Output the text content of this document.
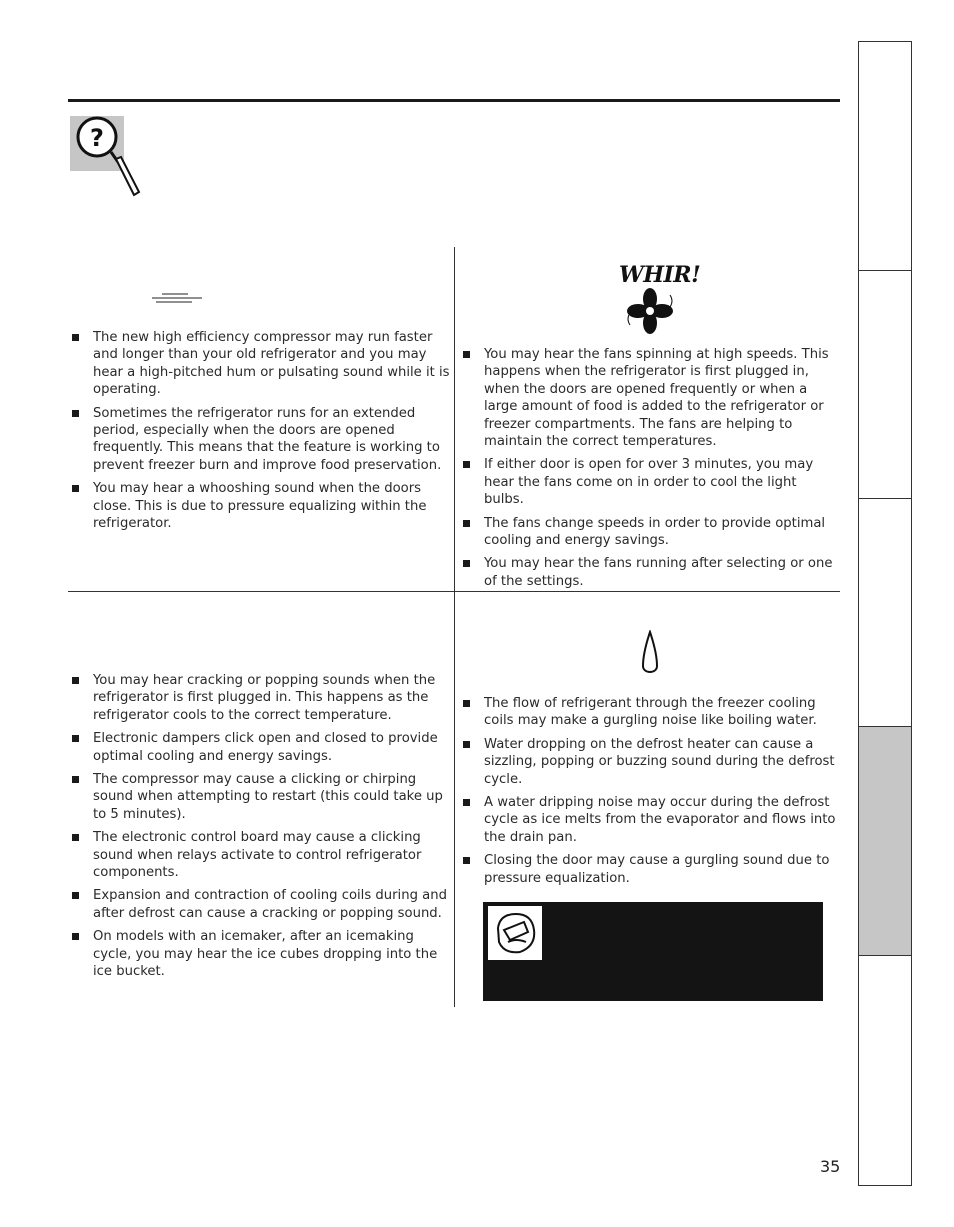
?
The new high efficiency compressor may run faster and longer than your old refrigerator and you may hear a high-pitched hum or pulsating sound while it is operating.
Sometimes the refrigerator runs for an extended period, especially when the doors are opened frequently. This means that the feature is working to prevent freezer burn and improve food preservation.
You may hear a whooshing sound when the doors close. This is due to pressure equalizing within the refrigerator.
WHIR!
You may hear the fans spinning at high speeds. This happens when the refrigerator is first plugged in, when the doors are opened frequently or when a large amount of food is added to the refrigerator or freezer compartments. The fans are helping to maintain the correct temperatures.
If either door is open for over 3 minutes, you may hear the fans come on in order to cool the light bulbs.
The fans change speeds in order to provide optimal cooling and energy savings.
You may hear the fans running after selecting or one of the settings.
You may hear cracking or popping sounds when the refrigerator is first plugged in. This happens as the refrigerator cools to the correct temperature.
Electronic dampers click open and closed to provide optimal cooling and energy savings.
The compressor may cause a clicking or chirping sound when attempting to restart (this could take up to 5 minutes).
The electronic control board may cause a clicking sound when relays activate to control refrigerator components.
Expansion and contraction of cooling coils during and after defrost can cause a cracking or popping sound.
On models with an icemaker, after an icemaking cycle, you may hear the ice cubes dropping into the ice bucket.
The flow of refrigerant through the freezer cooling coils may make a gurgling noise like boiling water.
Water dropping on the defrost heater can cause a sizzling, popping or buzzing sound during the defrost cycle.
A water dripping noise may occur during the defrost cycle as ice melts from the evaporator and flows into the drain pan.
Closing the door may cause a gurgling sound due to pressure equalization.
35
